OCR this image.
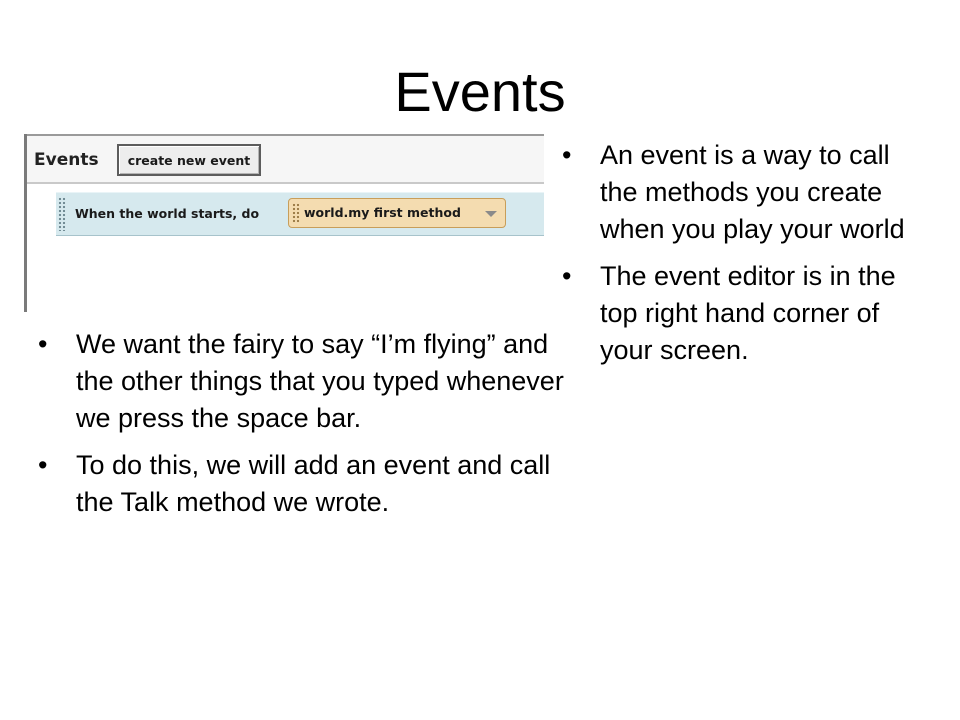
Events
Events	create new event
When the world starts, do	world.my first method
• An event is a way to call the methods you create when you play your world
• The event editor is in the top right hand corner of your screen.
• We want the fairy to say “I’m flying” and the other things that you typed whenever we press the space bar.
• To do this, we will add an event and call the Talk method we wrote.
